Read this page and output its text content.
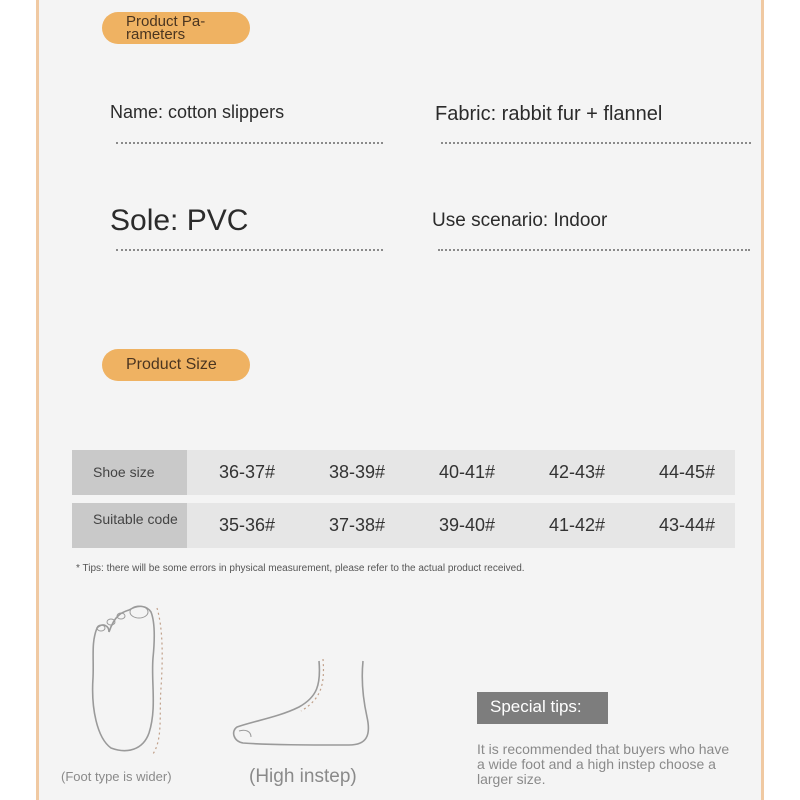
Product Pa-rameters
Name: cotton slippers	Fabric: rabbit fur + flannel
Sole: PVC	Use scenario: Indoor
Product Size
Shoe size	36-37#	38-39#	40-41#	42-43#	44-45#
Suitable code	35-36#	37-38#	39-40#	41-42#	43-44#
* Tips: there will be some errors in physical measurement, please refer to the actual product received.
(Foot type is wider)	(High instep)
Special tips:
It is recommended that buyers who have a wide foot and a high instep choose a larger size.
